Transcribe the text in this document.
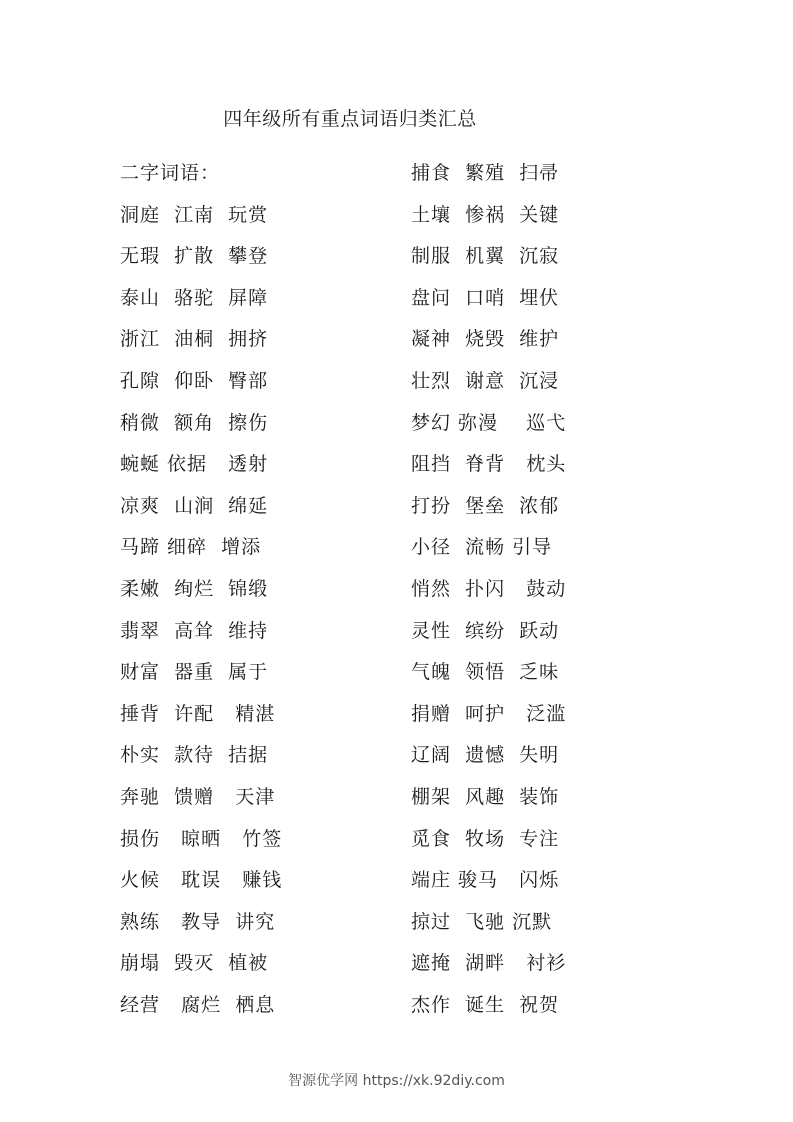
四年级所有重点词语归类汇总
二字词语：
洞庭  江南  玩赏
无瑕  扩散  攀登
泰山  骆驼  屏障
浙江  油桐  拥挤
孔隙  仰卧  臀部
稍微  额角  擦伤
蜿蜒 依据   透射
凉爽  山涧  绵延
马蹄 细碎  增添
柔嫩  绚烂  锦缎
翡翠  高耸  维持
财富  器重  属于
捶背  许配   精湛
朴实  款待  拮据
奔驰  馈赠   天津
损伤   晾晒   竹签
火候   耽误   赚钱
熟练   教导  讲究
崩塌  毁灭  植被
经营   腐烂  栖息
捕食  繁殖  扫帚
土壤  惨祸  关键
制服  机翼  沉寂
盘问  口哨  埋伏
凝神  烧毁  维护
壮烈  谢意  沉浸
梦幻 弥漫    巡弋
阻挡  脊背   枕头
打扮  堡垒  浓郁
小径  流畅 引导
悄然  扑闪   鼓动
灵性  缤纷  跃动
气魄  领悟  乏味
捐赠  呵护   泛滥
辽阔  遗憾  失明
棚架  风趣  装饰
觅食  牧场  专注
端庄 骏马   闪烁
掠过  飞驰 沉默
遮掩  湖畔   衬衫
杰作  诞生  祝贺
智源优学网 https://xk.92diy.com
